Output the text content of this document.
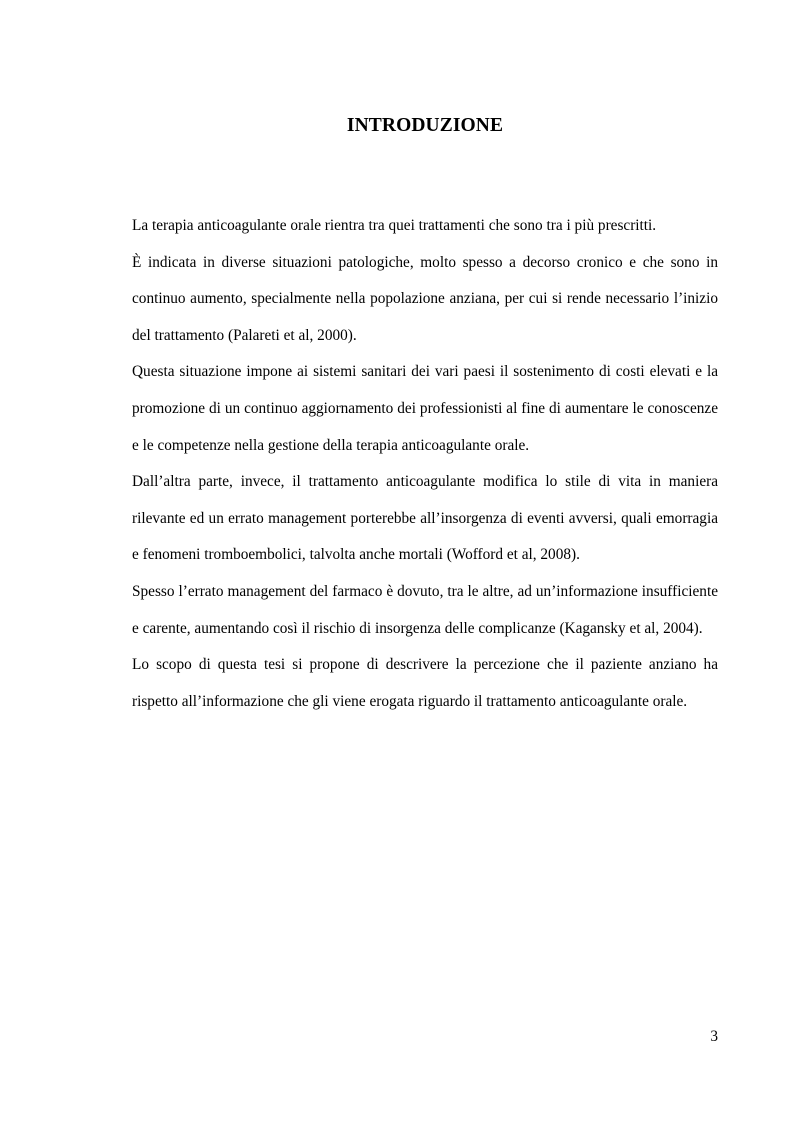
INTRODUZIONE

La terapia anticoagulante orale rientra tra quei trattamenti che sono tra i più prescritti.

È indicata in diverse situazioni patologiche, molto spesso a decorso cronico e che sono in continuo aumento, specialmente nella popolazione anziana, per cui si rende necessario l’inizio del trattamento (Palareti et al, 2000).

Questa situazione impone ai sistemi sanitari dei vari paesi il sostenimento di costi elevati e la promozione di un continuo aggiornamento dei professionisti al fine di aumentare le conoscenze e le competenze nella gestione della terapia anticoagulante orale.

Dall’altra parte, invece, il trattamento anticoagulante modifica lo stile di vita in maniera rilevante ed un errato management porterebbe all’insorgenza di eventi avversi, quali emorragia e fenomeni tromboembolici, talvolta anche mortali (Wofford et al, 2008).

Spesso l’errato management del farmaco è dovuto, tra le altre, ad un’informazione insufficiente e carente, aumentando così il rischio di insorgenza delle complicanze (Kagansky et al, 2004).

Lo scopo di questa tesi si propone di descrivere la percezione che il paziente anziano ha rispetto all’informazione che gli viene erogata riguardo il trattamento anticoagulante orale.

3
